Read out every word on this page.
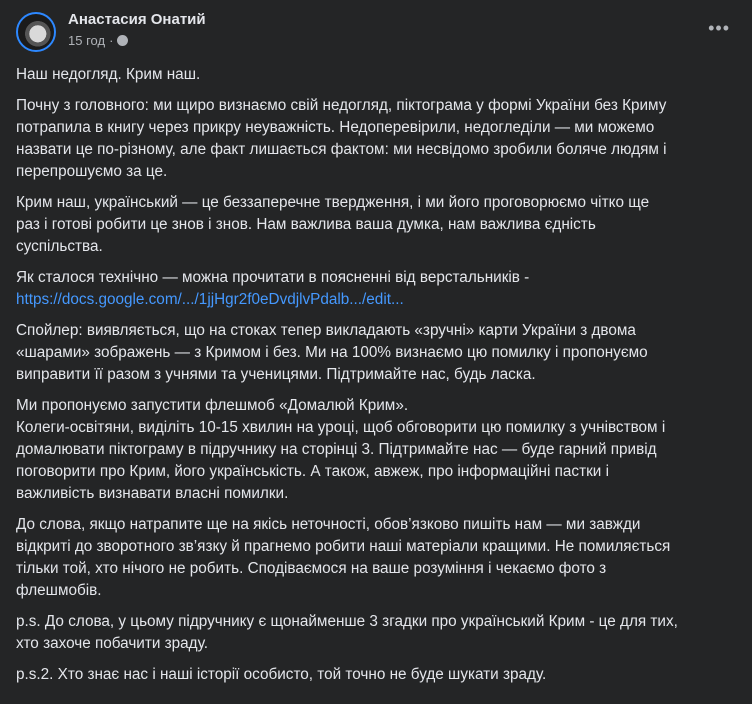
Анастасия Онатий
15 год ·
•••
Наш недогляд. Крим наш.
Почну з головного: ми щиро визнаємо свій недогляд, піктограма у формі України без Криму
потрапила в книгу через прикру неуважність. Недоперевірили, недогледіли — ми можемо
назвати це по-різному, але факт лишається фактом: ми несвідомо зробили боляче людям і
перепрошуємо за це.
Крим наш, український — це беззаперечне твердження, і ми його проговорюємо чітко ще
раз і готові робити це знов і знов. Нам важлива ваша думка, нам важлива єдність
суспільства.
Як сталося технічно — можна прочитати в поясненні від верстальників -
https://docs.google.com/.../1jjHgr2f0eDvdjlvPdalb.../edit...
Спойлер: виявляється, що на стоках тепер викладають «зручні» карти України з двома
«шарами» зображень — з Кримом і без. Ми на 100% визнаємо цю помилку і пропонуємо
виправити її разом з учнями та ученицями. Підтримайте нас, будь ласка.
Ми пропонуємо запустити флешмоб «Домалюй Крим».
Колеги-освітяни, виділіть 10-15 хвилин на уроці, щоб обговорити цю помилку з учнівством і
домалювати піктограму в підручнику на сторінці 3. Підтримайте нас — буде гарний привід
поговорити про Крим, його українськість. А також, авжеж, про інформаційні пастки і
важливість визнавати власні помилки.
До слова, якщо натрапите ще на якісь неточності, обов’язково пишіть нам — ми завжди
відкриті до зворотного зв’язку й прагнемо робити наші матеріали кращими. Не помиляється
тільки той, хто нічого не робить. Сподіваємося на ваше розуміння і чекаємо фото з
флешмобів.
p.s. До слова, у цьому підручнику є щонайменше 3 згадки про український Крим - це для тих,
хто захоче побачити зраду.
p.s.2. Хто знає нас і наші історії особисто, той точно не буде шукати зраду.
